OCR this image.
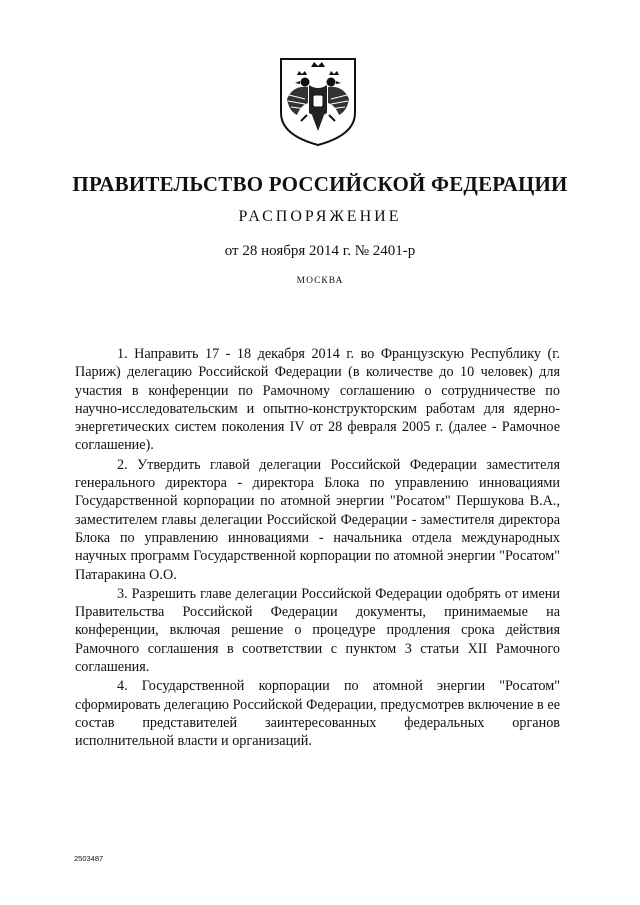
ПРАВИТЕЛЬСТВО РОССИЙСКОЙ ФЕДЕРАЦИИ
РАСПОРЯЖЕНИЕ
от 28 ноября 2014 г. № 2401-р
МОСКВА

1. Направить 17 - 18 декабря 2014 г. во Французскую Республику (г. Париж) делегацию Российской Федерации (в количестве до 10 человек) для участия в конференции по Рамочному соглашению о сотрудничестве по научно-исследовательским и опытно-конструкторским работам для ядерно-энергетических систем поколения IV от 28 февраля 2005 г. (далее - Рамочное соглашение).

2. Утвердить главой делегации Российской Федерации заместителя генерального директора - директора Блока по управлению инновациями Государственной корпорации по атомной энергии "Росатом" Першукова В.А., заместителем главы делегации Российской Федерации - заместителя директора Блока по управлению инновациями - начальника отдела международных научных программ Государственной корпорации по атомной энергии "Росатом" Патаракина О.О.

3. Разрешить главе делегации Российской Федерации одобрять от имени Правительства Российской Федерации документы, принимаемые на конференции, включая решение о процедуре продления срока действия Рамочного соглашения в соответствии с пунктом 3 статьи XII Рамочного соглашения.

4. Государственной корпорации по атомной энергии "Росатом" сформировать делегацию Российской Федерации, предусмотрев включение в ее состав представителей заинтересованных федеральных органов исполнительной власти и организаций.

2503487
